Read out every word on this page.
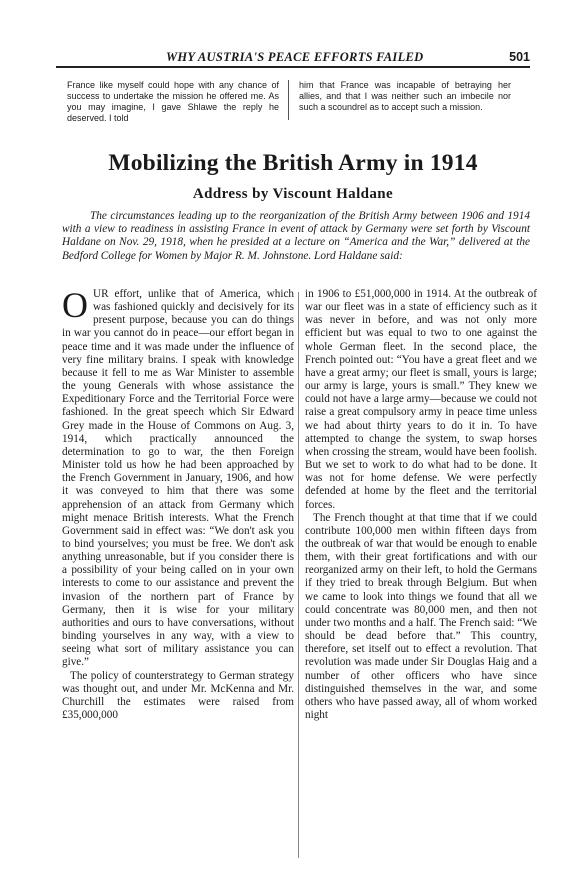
WHY AUSTRIA'S PEACE EFFORTS FAILED	501

France like myself could hope with any chance of success to undertake the mission he offered me. As you may imagine, I gave Shlawe the reply he deserved. I told

him that France was incapable of betraying her allies, and that I was neither such an imbecile nor such a scoundrel as to accept such a mission.

Mobilizing the British Army in 1914
Address by Viscount Haldane

The circumstances leading up to the reorganization of the British Army between 1906 and 1914 with a view to readiness in assisting France in event of attack by Germany were set forth by Viscount Haldane on Nov. 29, 1918, when he presided at a lecture on “America and the War,” delivered at the Bedford College for Women by Major R. M. Johnstone. Lord Haldane said:

OUR effort, unlike that of America, which was fashioned quickly and decisively for its present purpose, because you can do things in war you cannot do in peace—our effort began in peace time and it was made under the influence of very fine military brains. I speak with knowledge because it fell to me as War Minister to assemble the young Generals with whose assistance the Expeditionary Force and the Territorial Force were fashioned. In the great speech which Sir Edward Grey made in the House of Commons on Aug. 3, 1914, which practically announced the determination to go to war, the then Foreign Minister told us how he had been approached by the French Government in January, 1906, and how it was conveyed to him that there was some apprehension of an attack from Germany which might menace British interests. What the French Government said in effect was: “We don't ask you to bind yourselves; you must be free. We don't ask anything unreasonable, but if you consider there is a possibility of your being called on in your own interests to come to our assistance and prevent the invasion of the northern part of France by Germany, then it is wise for your military authorities and ours to have conversations, without binding yourselves in any way, with a view to seeing what sort of military assistance you can give.”

The policy of counterstrategy to German strategy was thought out, and under Mr. McKenna and Mr. Churchill the estimates were raised from £35,000,000

in 1906 to £51,000,000 in 1914. At the outbreak of war our fleet was in a state of efficiency such as it was never in before, and was not only more efficient but was equal to two to one against the whole German fleet. In the second place, the French pointed out: “You have a great fleet and we have a great army; our fleet is small, yours is large; our army is large, yours is small.” They knew we could not have a large army—because we could not raise a great compulsory army in peace time unless we had about thirty years to do it in. To have attempted to change the system, to swap horses when crossing the stream, would have been foolish. But we set to work to do what had to be done. It was not for home defense. We were perfectly defended at home by the fleet and the territorial forces.

The French thought at that time that if we could contribute 100,000 men within fifteen days from the outbreak of war that would be enough to enable them, with their great fortifications and with our reorganized army on their left, to hold the Germans if they tried to break through Belgium. But when we came to look into things we found that all we could concentrate was 80,000 men, and then not under two months and a half. The French said: “We should be dead before that.” This country, therefore, set itself out to effect a revolution. That revolution was made under Sir Douglas Haig and a number of other officers who have since distinguished themselves in the war, and some others who have passed away, all of whom worked night
